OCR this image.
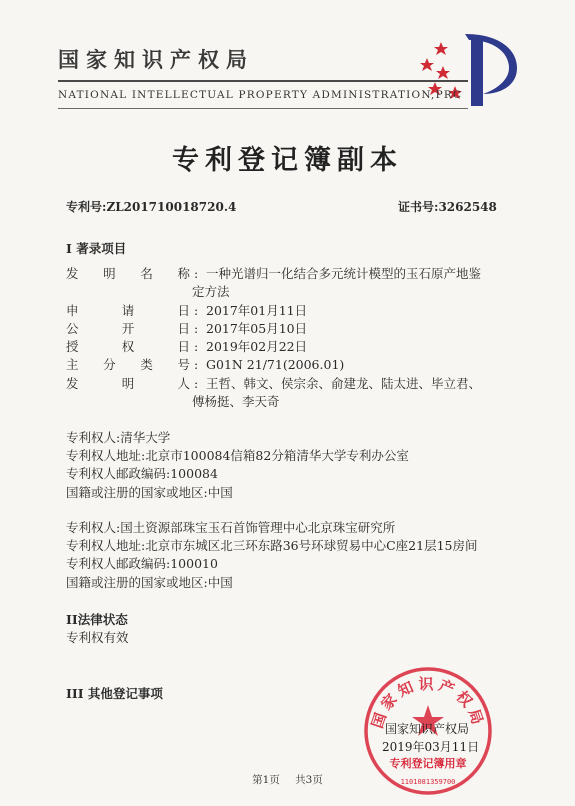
国家知识产权局
NATIONAL INTELLECTUAL PROPERTY ADMINISTRATION,PRC
专利登记簿副本
专利号:ZL201710018720.4	证书号:3262548
I 著录项目
发明名称 : 一种光谱归一化结合多元统计模型的玉石原产地鉴
定方法
申请日 : 2017年01月11日
公开日 : 2017年05月10日
授权日 : 2019年02月22日
主分类号 : G01N 21/71(2006.01)
发明人 : 王哲、韩文、侯宗余、俞建龙、陆太进、毕立君、
傅杨挺、李天奇
专利权人:清华大学
专利权人地址:北京市100084信箱82分箱清华大学专利办公室
专利权人邮政编码:100084
国籍或注册的国家或地区:中国
专利权人:国土资源部珠宝玉石首饰管理中心北京珠宝研究所
专利权人地址:北京市东城区北三环东路36号环球贸易中心C座21层15房间
专利权人邮政编码:100010
国籍或注册的国家或地区:中国
II法律状态
专利权有效
III 其他登记事项
国家知识产权局
专利登记簿用章
1101081359700
国家知识产权局
2019年03月11日
第1页 共3页
